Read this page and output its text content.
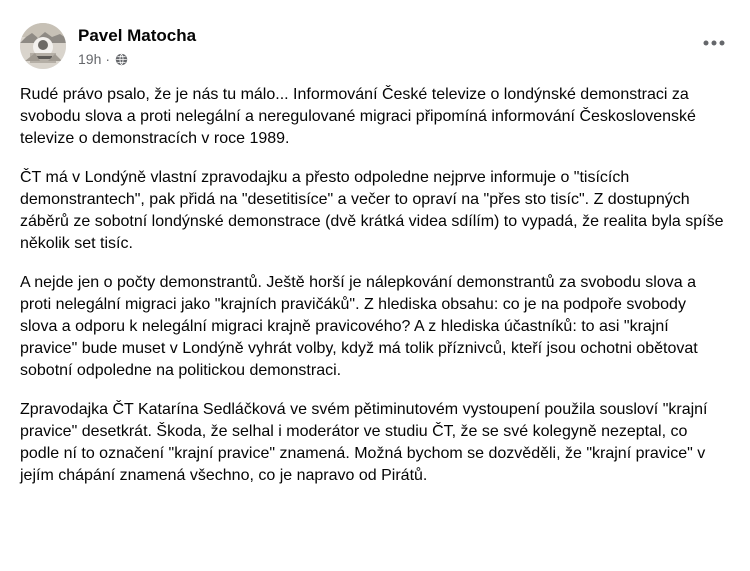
Pavel Matocha
19h ·

Rudé právo psalo, že je nás tu málo... Informování České televize o londýnské demonstraci za svobodu slova a proti nelegální a neregulované migraci připomíná informování Československé televize o demonstracích v roce 1989.

ČT má v Londýně vlastní zpravodajku a přesto odpoledne nejprve informuje o "tisících demonstrantech", pak přidá na "desetitisíce" a večer to opraví na "přes sto tisíc". Z dostupných záběrů ze sobotní londýnské demonstrace (dvě krátká videa sdílím) to vypadá, že realita byla spíše několik set tisíc.

A nejde jen o počty demonstrantů. Ještě horší je nálepkování demonstrantů za svobodu slova a proti nelegální migraci jako "krajních pravičáků". Z hlediska obsahu: co je na podpoře svobody slova a odporu k nelegální migraci krajně pravicového? A z hlediska účastníků: to asi "krajní pravice" bude muset v Londýně vyhrát volby, když má tolik příznivců, kteří jsou ochotni obětovat sobotní odpoledne na politickou demonstraci.

Zpravodajka ČT Katarína Sedláčková ve svém pětiminutovém vystoupení použila sousloví "krajní pravice" desetkrát. Škoda, že selhal i moderátor ve studiu ČT, že se své kolegyně nezeptal, co podle ní to označení "krajní pravice" znamená. Možná bychom se dozvěděli, že "krajní pravice" v jejím chápání znamená všechno, co je napravo od Pirátů.
